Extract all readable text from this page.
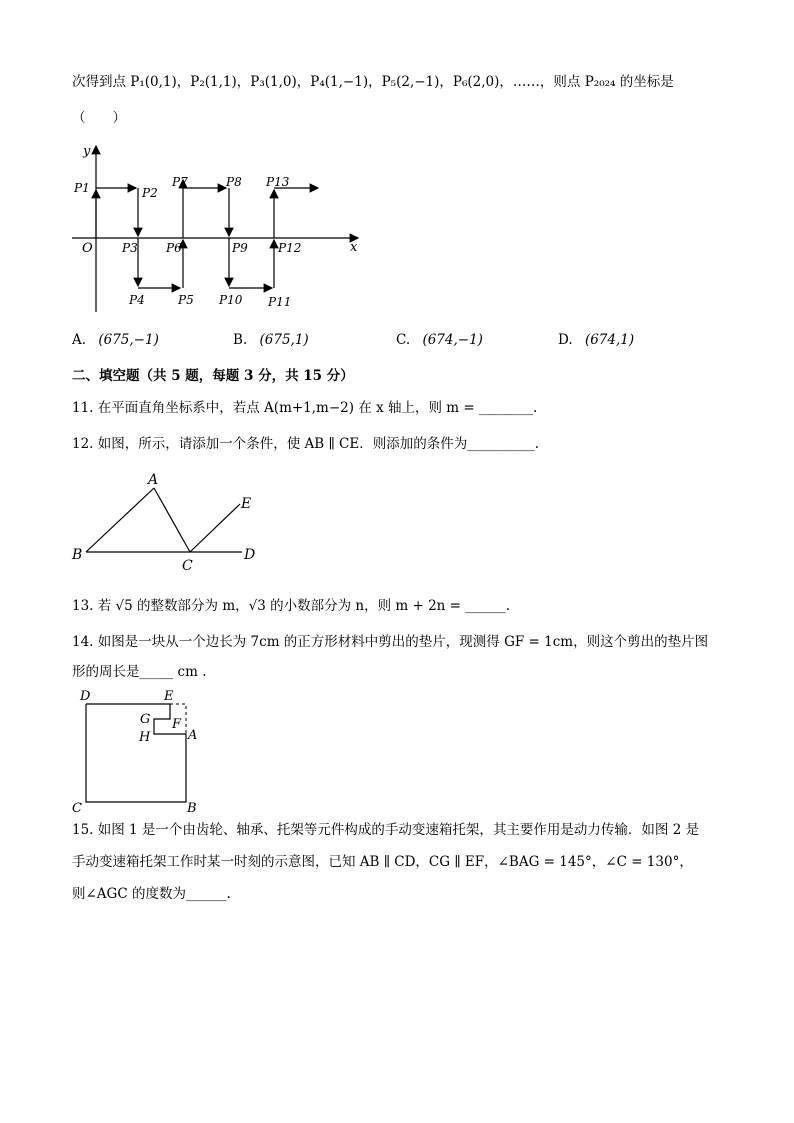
次得到点 P₁(0,1)，P₂(1,1)，P₃(1,0)，P₄(1,−1)，P₅(2,−1)，P₆(2,0)，……，则点 P₂₀₂₄ 的坐标是
（　　）
y
x
O
P1	P2
P3
P4	P5
P6
P7	P8
P9
P10 P11
P12
P13
A. (675,−1)	B. (675,1)	C. (674,−1)	D. (674,1)
二、填空题（共 5 题，每题 3 分，共 15 分）
11. 在平面直角坐标系中，若点 A(m+1,m−2) 在 x 轴上，则 m = ________.
12. 如图，所示，请添加一个条件，使 AB ∥ CE．则添加的条件为__________.
A
B
C
D
E
13. 若 √5 的整数部分为 m，√3 的小数部分为 n，则 m + 2n = ______.
14. 如图是一块从一个边长为 7cm 的正方形材料中剪出的垫片，现测得 GF = 1cm，则这个剪出的垫片图
形的周长是_____ cm .
D	E
G F
H	A
C	B
15. 如图 1 是一个由齿轮、轴承、托架等元件构成的手动变速箱托架，其主要作用是动力传输．如图 2 是
手动变速箱托架工作时某一时刻的示意图，已知 AB ∥ CD，CG ∥ EF，∠BAG = 145°，∠C = 130°，
则∠AGC 的度数为______.
